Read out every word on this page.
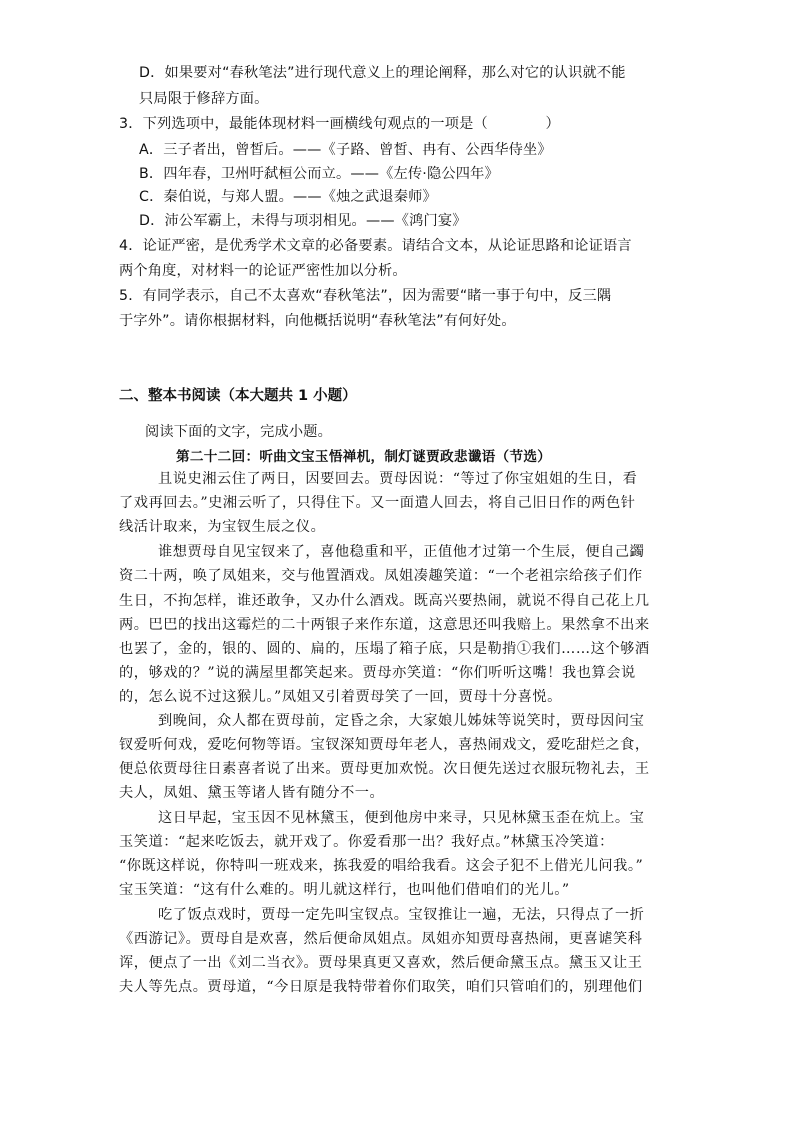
D．如果要对“春秋笔法”进行现代意义上的理论阐释，那么对它的认识就不能
只局限于修辞方面。
3．下列选项中，最能体现材料一画横线句观点的一项是（　　　　）
A．三子者出，曾皙后。——《子路、曾皙、冉有、公西华侍坐》
B．四年春，卫州吁弑桓公而立。——《左传·隐公四年》
C．秦伯说，与郑人盟。——《烛之武退秦师》
D．沛公军霸上，未得与项羽相见。——《鸿门宴》
4．论证严密，是优秀学术文章的必备要素。请结合文本，从论证思路和论证语言
两个角度，对材料一的论证严密性加以分析。
5．有同学表示，自己不太喜欢“春秋笔法”，因为需要“睹一事于句中，反三隅
于字外”。请你根据材料，向他概括说明“春秋笔法”有何好处。
二、整本书阅读（本大题共 1 小题）
阅读下面的文字，完成小题。
第二十二回：听曲文宝玉悟禅机，制灯谜贾政悲谶语（节选）
且说史湘云住了两日，因要回去。贾母因说：“等过了你宝姐姐的生日，看
了戏再回去。”史湘云听了，只得住下。又一面遣人回去，将自己旧日作的两色针
线活计取来，为宝钗生辰之仪。
谁想贾母自见宝钗来了，喜他稳重和平，正值他才过第一个生辰，便自己蠲
资二十两，唤了凤姐来，交与他置酒戏。凤姐凑趣笑道：“一个老祖宗给孩子们作
生日，不拘怎样，谁还敢争，又办什么酒戏。既高兴要热闹，就说不得自己花上几
两。巴巴的找出这霉烂的二十两银子来作东道，这意思还叫我赔上。果然拿不出来
也罢了，金的，银的、圆的、扁的，压塌了箱子底，只是勒掯①我们……这个够酒
的，够戏的？”说的满屋里都笑起来。贾母亦笑道：“你们听听这嘴！我也算会说
的，怎么说不过这猴儿。”凤姐又引着贾母笑了一回，贾母十分喜悦。
到晚间，众人都在贾母前，定昏之余，大家娘儿姊妹等说笑时，贾母因问宝
钗爱听何戏，爱吃何物等语。宝钗深知贾母年老人，喜热闹戏文，爱吃甜烂之食，
便总依贾母往日素喜者说了出来。贾母更加欢悦。次日便先送过衣服玩物礼去，王
夫人，凤姐、黛玉等诸人皆有随分不一。
这日早起，宝玉因不见林黛玉，便到他房中来寻，只见林黛玉歪在炕上。宝
玉笑道：“起来吃饭去，就开戏了。你爱看那一出？我好点。”林黛玉冷笑道：
“你既这样说，你特叫一班戏来，拣我爱的唱给我看。这会子犯不上借光儿问我。”
宝玉笑道：“这有什么难的。明儿就这样行，也叫他们借咱们的光儿。”
吃了饭点戏时，贾母一定先叫宝钗点。宝钗推让一遍，无法，只得点了一折
《西游记》。贾母自是欢喜，然后便命凤姐点。凤姐亦知贾母喜热闹，更喜谑笑科
诨，便点了一出《刘二当衣》。贾母果真更又喜欢，然后便命黛玉点。黛玉又让王
夫人等先点。贾母道，“今日原是我特带着你们取笑，咱们只管咱们的，别理他们
